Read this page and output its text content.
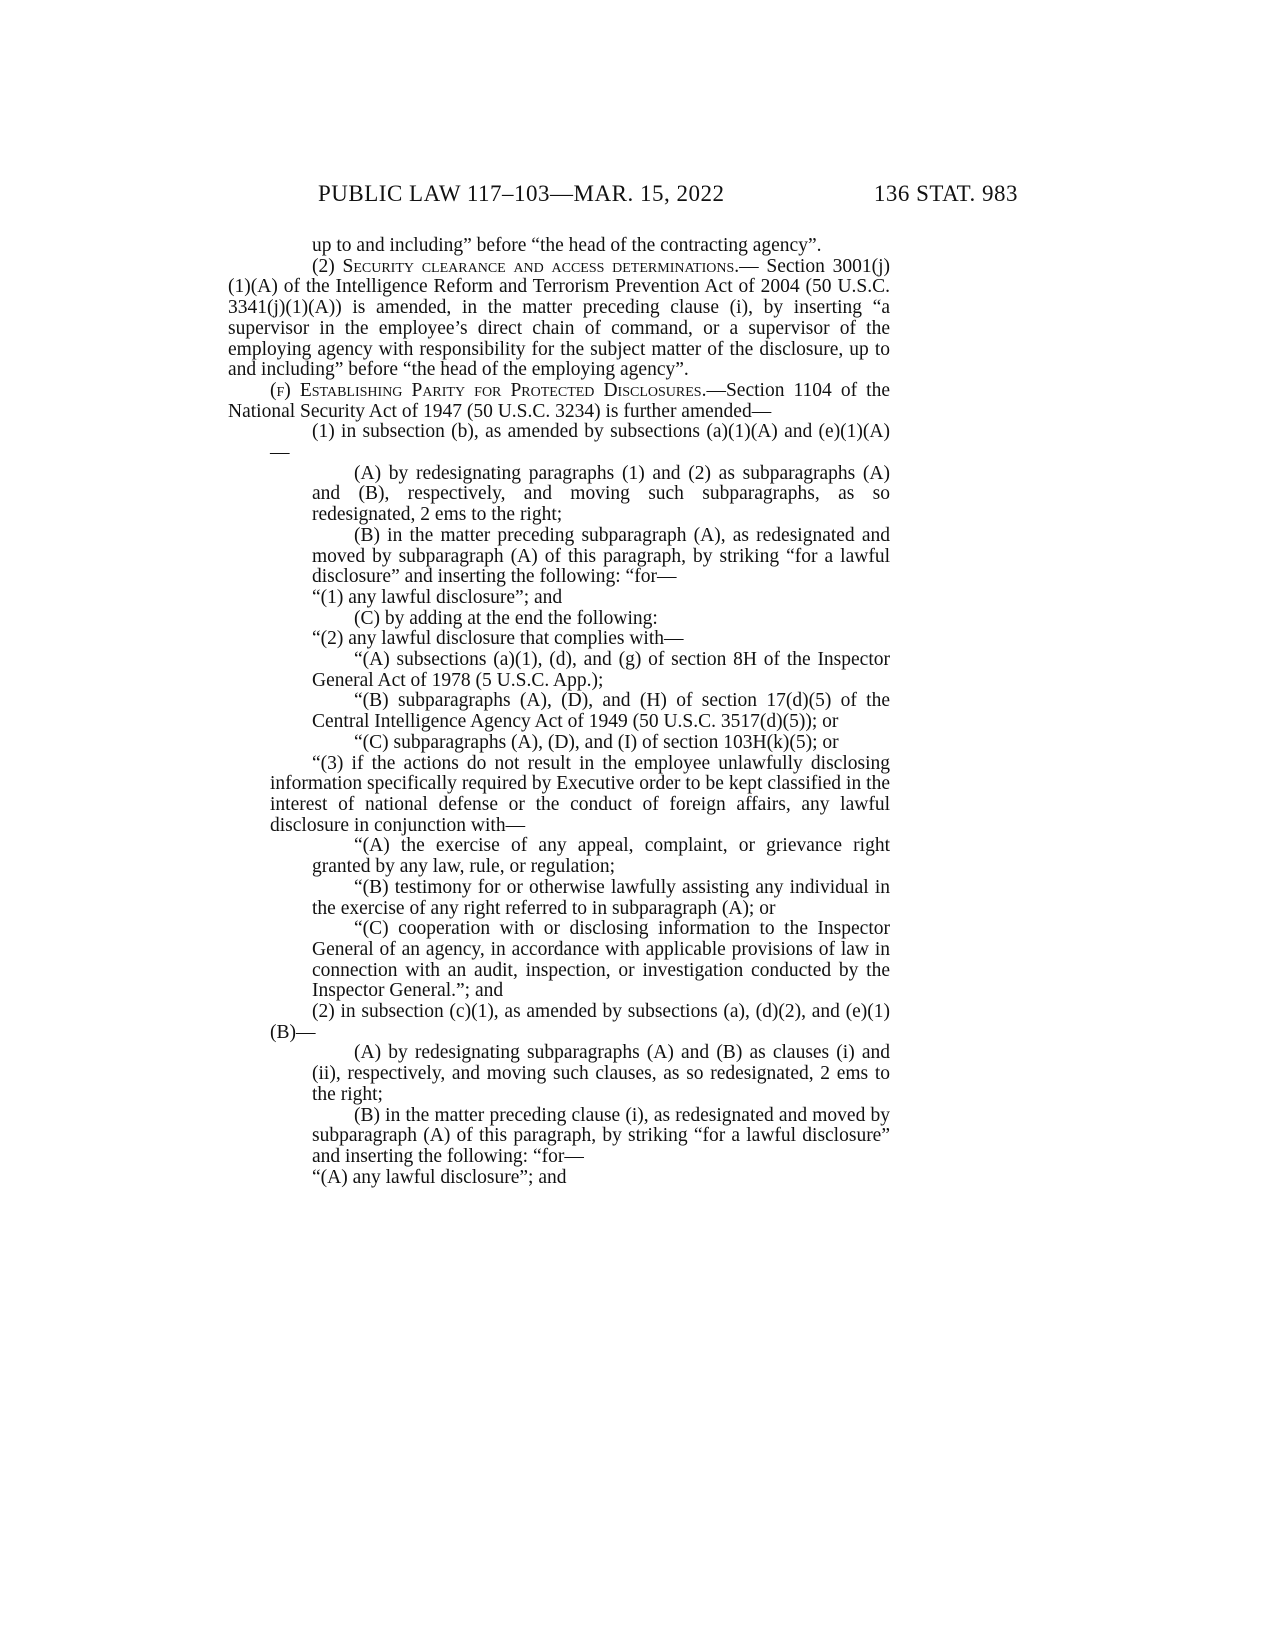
PUBLIC LAW 117–103—MAR. 15, 2022	136 STAT. 983

up to and including” before “the head of the contracting agency”.

(2) Security clearance and access determinations.— Section 3001(j)(1)(A) of the Intelligence Reform and Terrorism Prevention Act of 2004 (50 U.S.C. 3341(j)(1)(A)) is amended, in the matter preceding clause (i), by inserting “a supervisor in the employee’s direct chain of command, or a supervisor of the employing agency with responsibility for the subject matter of the disclosure, up to and including” before “the head of the employing agency”.

(f) Establishing Parity for Protected Disclosures.—Section 1104 of the National Security Act of 1947 (50 U.S.C. 3234) is further amended—

(1) in subsection (b), as amended by subsections (a)(1)(A) and (e)(1)(A)—

(A) by redesignating paragraphs (1) and (2) as subparagraphs (A) and (B), respectively, and moving such subparagraphs, as so redesignated, 2 ems to the right;

(B) in the matter preceding subparagraph (A), as redesignated and moved by subparagraph (A) of this paragraph, by striking “for a lawful disclosure” and inserting the following: “for—

“(1) any lawful disclosure”; and

(C) by adding at the end the following:

“(2) any lawful disclosure that complies with—

“(A) subsections (a)(1), (d), and (g) of section 8H of the Inspector General Act of 1978 (5 U.S.C. App.);

“(B) subparagraphs (A), (D), and (H) of section 17(d)(5) of the Central Intelligence Agency Act of 1949 (50 U.S.C. 3517(d)(5)); or

“(C) subparagraphs (A), (D), and (I) of section 103H(k)(5); or

“(3) if the actions do not result in the employee unlawfully disclosing information specifically required by Executive order to be kept classified in the interest of national defense or the conduct of foreign affairs, any lawful disclosure in conjunction with—

“(A) the exercise of any appeal, complaint, or grievance right granted by any law, rule, or regulation;

“(B) testimony for or otherwise lawfully assisting any individual in the exercise of any right referred to in subparagraph (A); or

“(C) cooperation with or disclosing information to the Inspector General of an agency, in accordance with applicable provisions of law in connection with an audit, inspection, or investigation conducted by the Inspector General.”; and

(2) in subsection (c)(1), as amended by subsections (a), (d)(2), and (e)(1)(B)—

(A) by redesignating subparagraphs (A) and (B) as clauses (i) and (ii), respectively, and moving such clauses, as so redesignated, 2 ems to the right;

(B) in the matter preceding clause (i), as redesignated and moved by subparagraph (A) of this paragraph, by striking “for a lawful disclosure” and inserting the following: “for—

“(A) any lawful disclosure”; and
